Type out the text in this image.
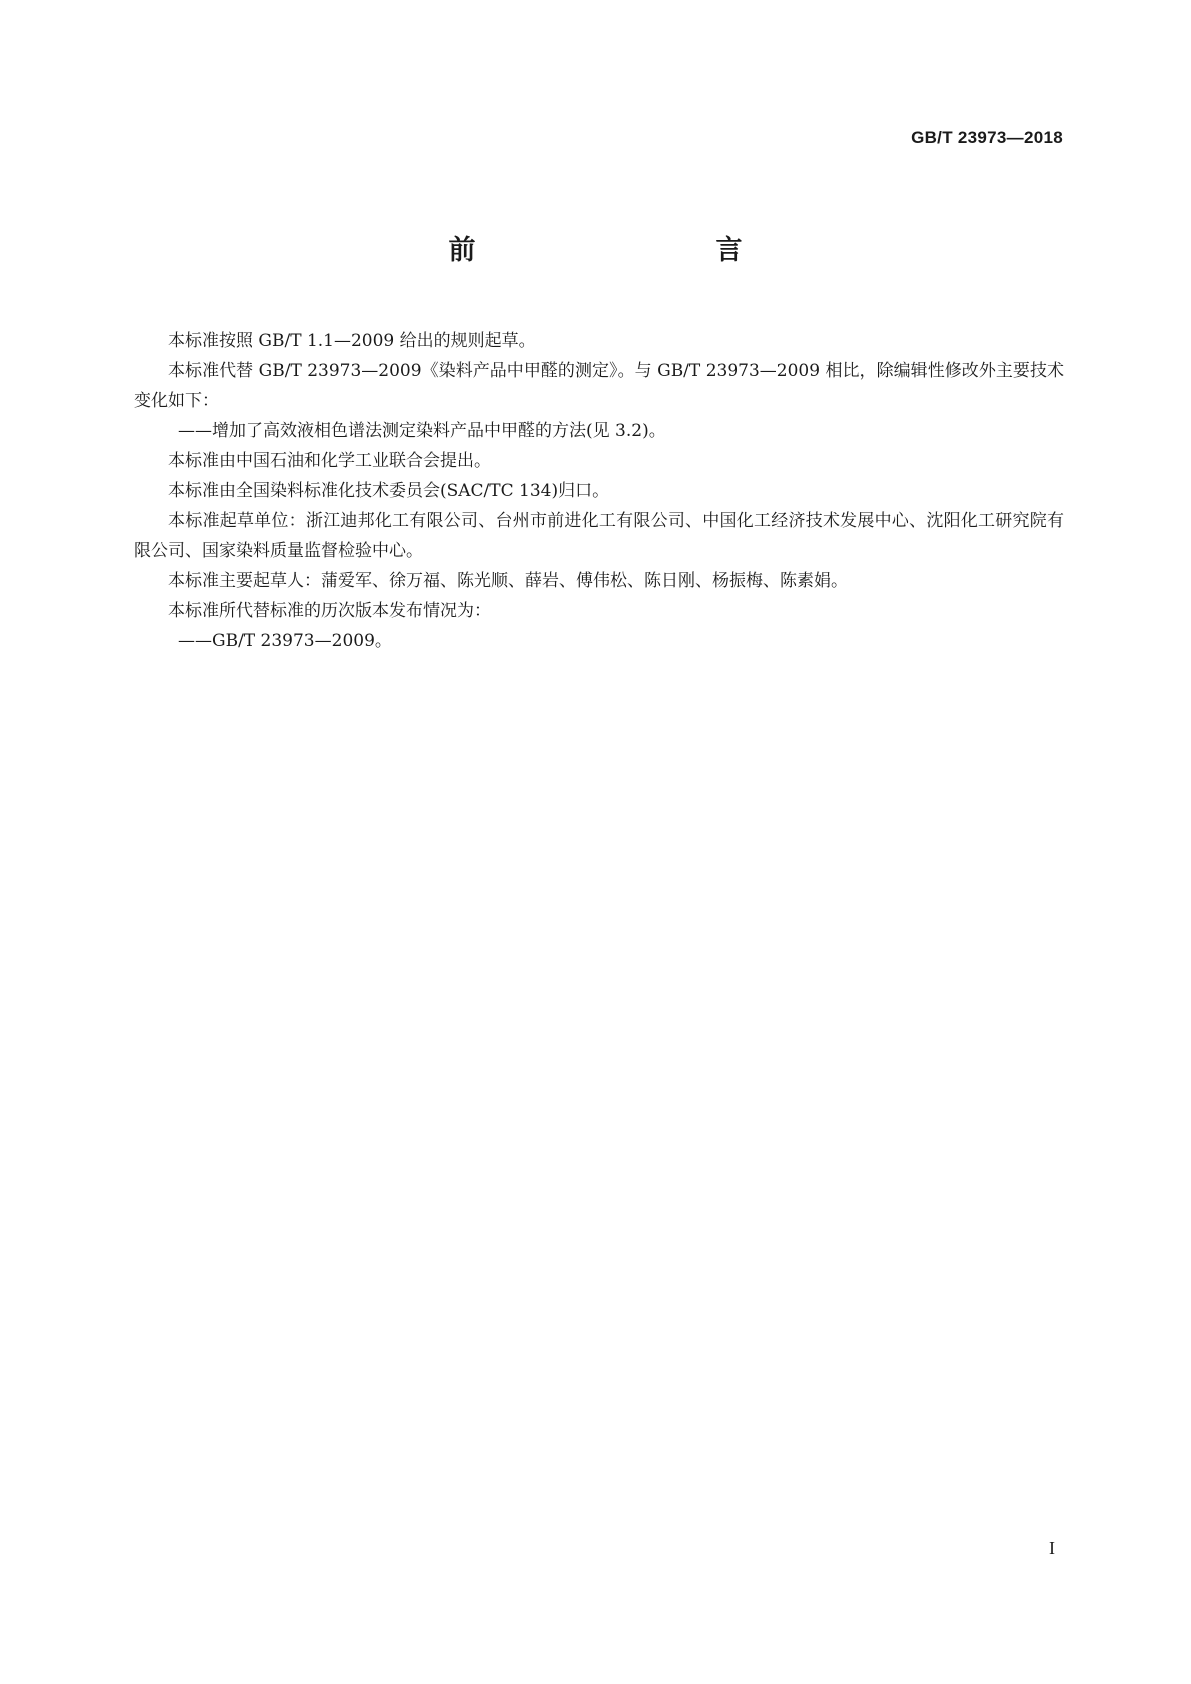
GB/T 23973—2018
前　　言

本标准按照 GB/T 1.1—2009 给出的规则起草。

本标准代替 GB/T 23973—2009《染料产品中甲醛的测定》。与 GB/T 23973—2009 相比，除编辑性修改外主要技术变化如下：

——增加了高效液相色谱法测定染料产品中甲醛的方法(见 3.2)。

本标准由中国石油和化学工业联合会提出。

本标准由全国染料标准化技术委员会(SAC/TC 134)归口。

本标准起草单位：浙江迪邦化工有限公司、台州市前进化工有限公司、中国化工经济技术发展中心、沈阳化工研究院有限公司、国家染料质量监督检验中心。

本标准主要起草人：蒲爱军、徐万福、陈光顺、薛岩、傅伟松、陈日刚、杨振梅、陈素娟。

本标准所代替标准的历次版本发布情况为：

——GB/T 23973—2009。

I
